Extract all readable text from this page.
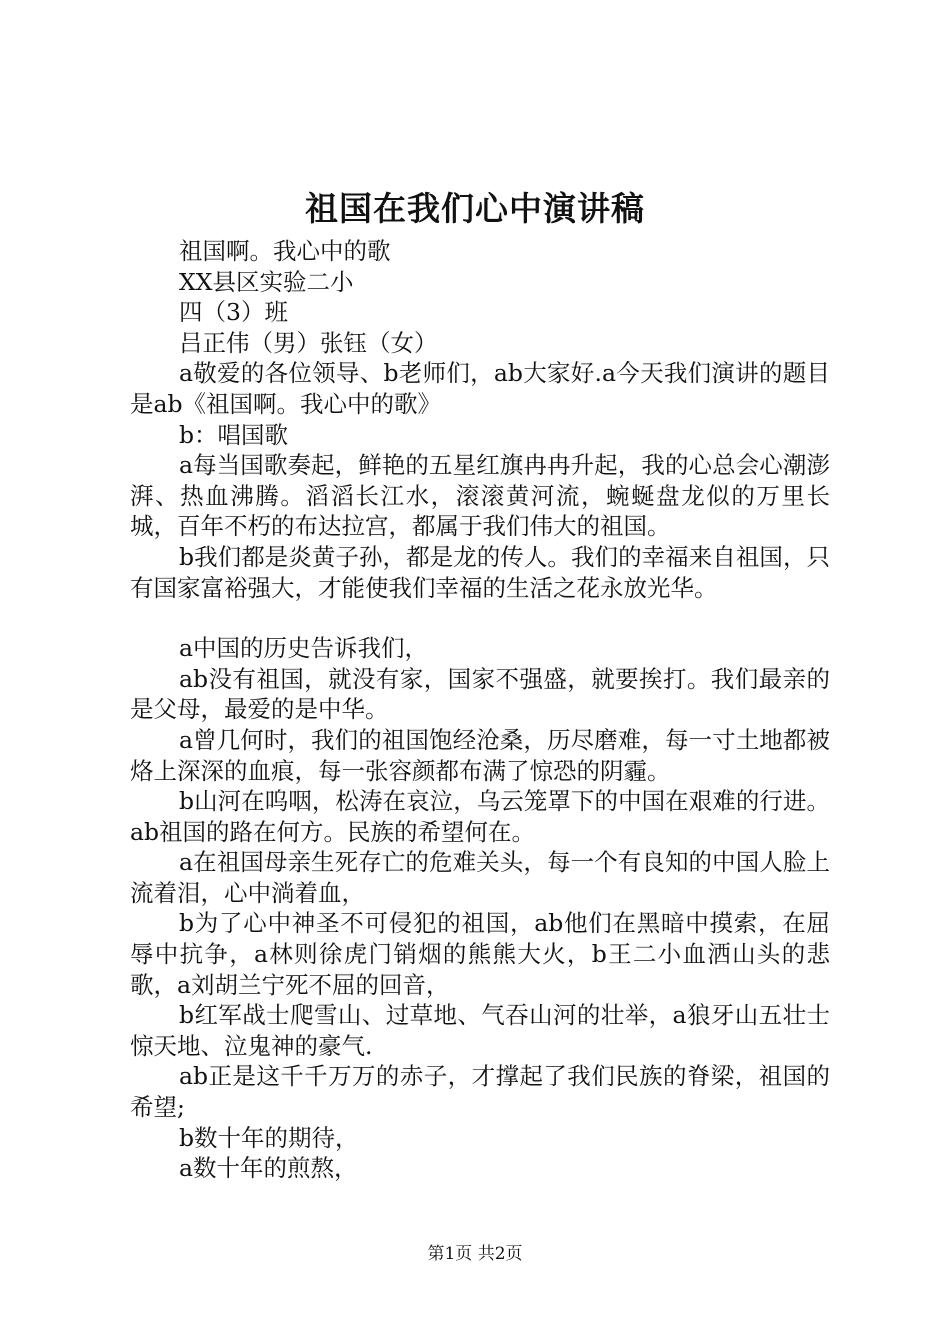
祖国在我们心中演讲稿

祖国啊。我心中的歌

XX县区实验二小

四（3）班

吕正伟（男）张钰（女）

a敬爱的各位领导、b老师们，ab大家好.a今天我们演讲的题目是ab《祖国啊。我心中的歌》

b：唱国歌

a每当国歌奏起，鲜艳的五星红旗冉冉升起，我的心总会心潮澎湃、热血沸腾。滔滔长江水，滚滚黄河流，蜿蜒盘龙似的万里长城，百年不朽的布达拉宫，都属于我们伟大的祖国。

b我们都是炎黄子孙，都是龙的传人。我们的幸福来自祖国，只有国家富裕强大，才能使我们幸福的生活之花永放光华。

a中国的历史告诉我们，

ab没有祖国，就没有家，国家不强盛，就要挨打。我们最亲的是父母，最爱的是中华。

a曾几何时，我们的祖国饱经沧桑，历尽磨难，每一寸土地都被烙上深深的血痕，每一张容颜都布满了惊恐的阴霾。

b山河在呜咽，松涛在哀泣，乌云笼罩下的中国在艰难的行进。ab祖国的路在何方。民族的希望何在。

a在祖国母亲生死存亡的危难关头，每一个有良知的中国人脸上流着泪，心中淌着血，

b为了心中神圣不可侵犯的祖国，ab他们在黑暗中摸索，在屈辱中抗争，a林则徐虎门销烟的熊熊大火，b王二小血洒山头的悲歌，a刘胡兰宁死不屈的回音，

b红军战士爬雪山、过草地、气吞山河的壮举，a狼牙山五壮士惊天地、泣鬼神的豪气.

ab正是这千千万万的赤子，才撑起了我们民族的脊梁，祖国的希望;

b数十年的期待，

a数十年的煎熬，

第1页 共2页
